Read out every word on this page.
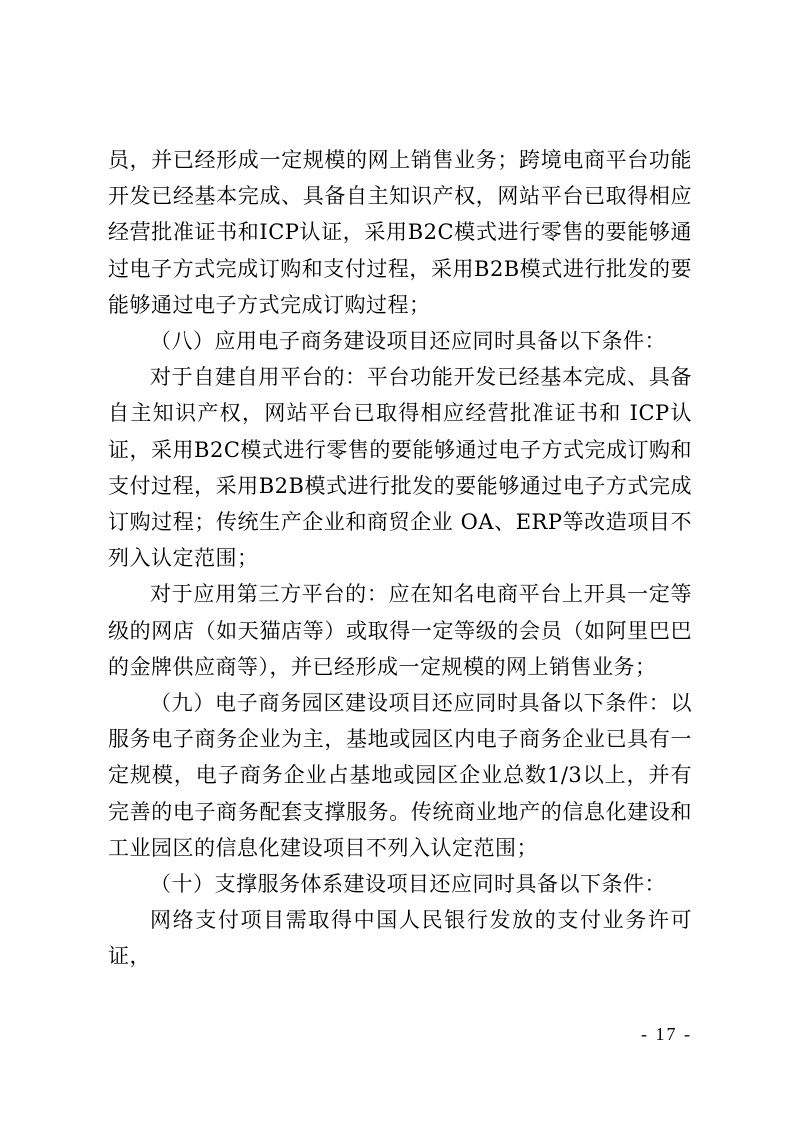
员，并已经形成一定规模的网上销售业务；跨境电商平台功能开发已经基本完成、具备自主知识产权，网站平台已取得相应经营批准证书和ICP认证，采用B2C模式进行零售的要能够通过电子方式完成订购和支付过程，采用B2B模式进行批发的要能够通过电子方式完成订购过程；

（八）应用电子商务建设项目还应同时具备以下条件：

对于自建自用平台的：平台功能开发已经基本完成、具备自主知识产权，网站平台已取得相应经营批准证书和 ICP认证，采用B2C模式进行零售的要能够通过电子方式完成订购和支付过程，采用B2B模式进行批发的要能够通过电子方式完成订购过程；传统生产企业和商贸企业 OA、ERP等改造项目不列入认定范围；

对于应用第三方平台的：应在知名电商平台上开具一定等级的网店（如天猫店等）或取得一定等级的会员（如阿里巴巴的金牌供应商等），并已经形成一定规模的网上销售业务；

（九）电子商务园区建设项目还应同时具备以下条件：以服务电子商务企业为主，基地或园区内电子商务企业已具有一定规模，电子商务企业占基地或园区企业总数1/3以上，并有完善的电子商务配套支撑服务。传统商业地产的信息化建设和工业园区的信息化建设项目不列入认定范围；

（十）支撑服务体系建设项目还应同时具备以下条件：

网络支付项目需取得中国人民银行发放的支付业务许可证，

- 17 -
